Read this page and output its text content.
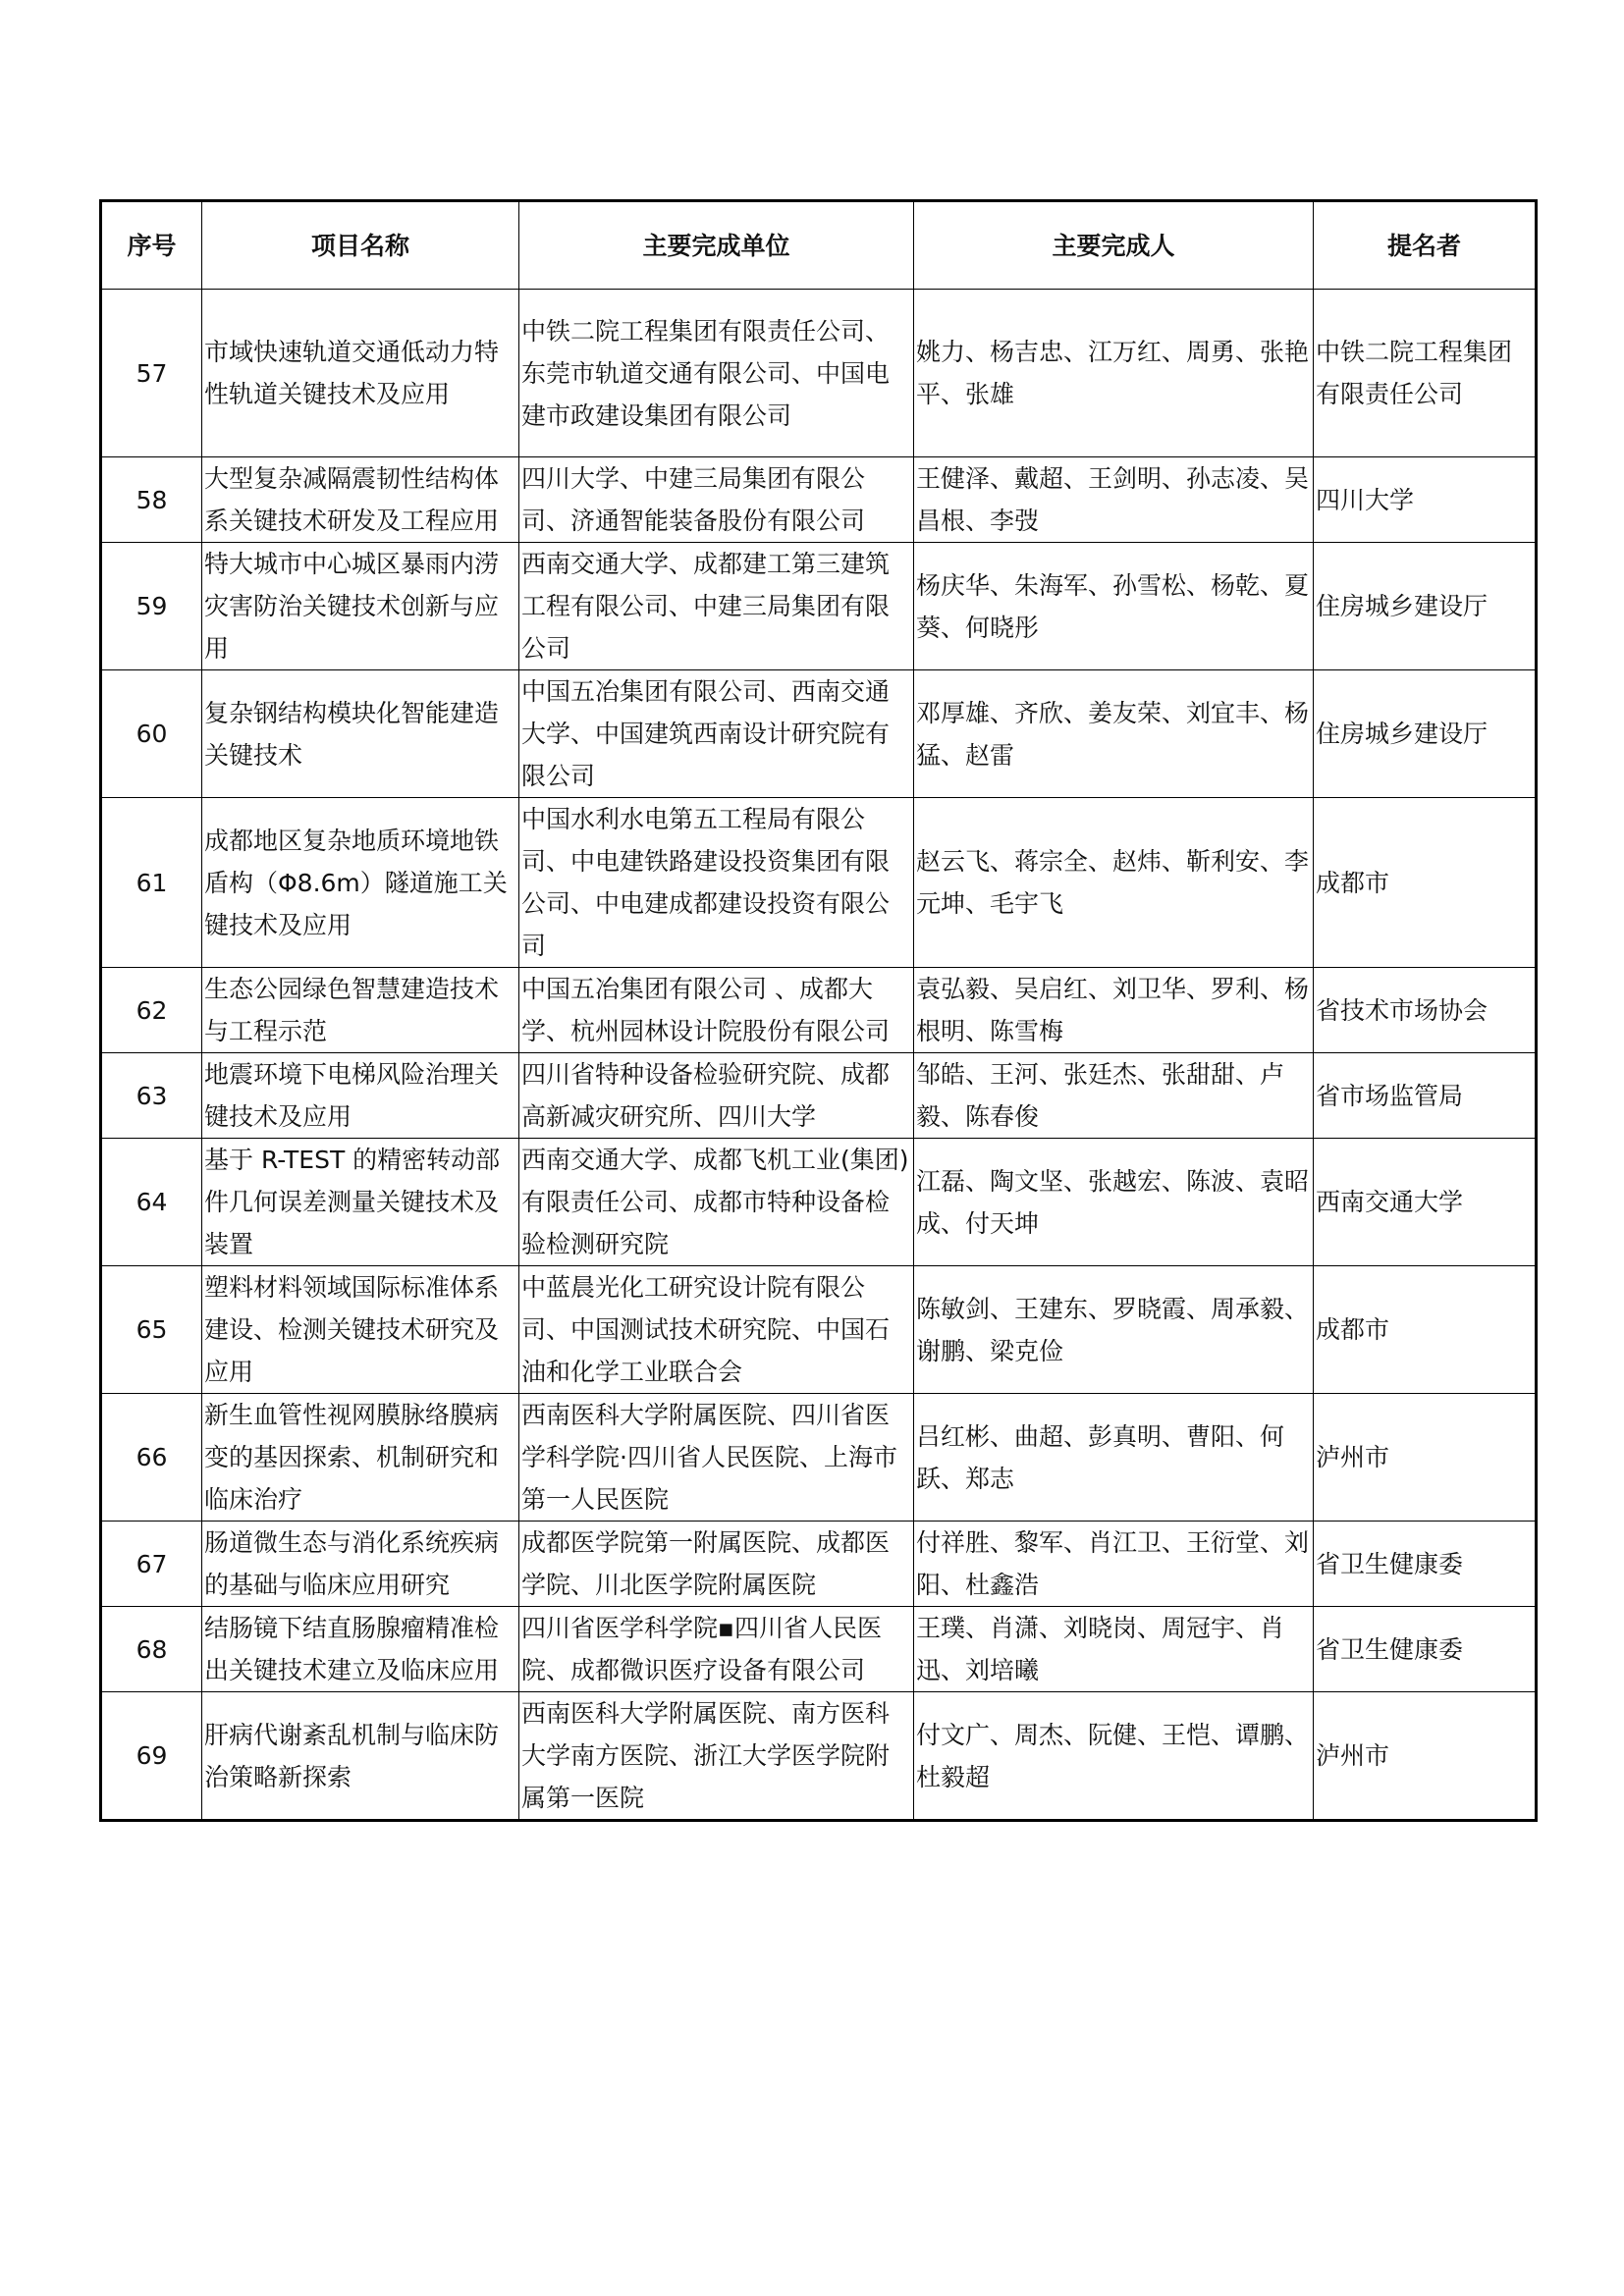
序号	项目名称	主要完成单位	主要完成人	提名者
57	市域快速轨道交通低动力特性轨道关键技术及应用	中铁二院工程集团有限责任公司、东莞市轨道交通有限公司、中国电建市政建设集团有限公司	姚力、杨吉忠、江万红、周勇、张艳平、张雄	中铁二院工程集团有限责任公司
58	大型复杂减隔震韧性结构体系关键技术研发及工程应用	四川大学、中建三局集团有限公司、济通智能装备股份有限公司	王健泽、戴超、王剑明、孙志凌、吴昌根、李弢	四川大学
59	特大城市中心城区暴雨内涝灾害防治关键技术创新与应用	西南交通大学、成都建工第三建筑工程有限公司、中建三局集团有限公司	杨庆华、朱海军、孙雪松、杨乾、夏葵、何晓彤	住房城乡建设厅
60	复杂钢结构模块化智能建造关键技术	中国五冶集团有限公司、西南交通大学、中国建筑西南设计研究院有限公司	邓厚雄、齐欣、姜友荣、刘宜丰、杨猛、赵雷	住房城乡建设厅
61	成都地区复杂地质环境地铁盾构（Φ8.6m）隧道施工关键技术及应用	中国水利水电第五工程局有限公司、中电建铁路建设投资集团有限公司、中电建成都建设投资有限公司	赵云飞、蒋宗全、赵炜、靳利安、李元坤、毛宇飞	成都市
62	生态公园绿色智慧建造技术与工程示范	中国五冶集团有限公司 、成都大学、杭州园林设计院股份有限公司	袁弘毅、吴启红、刘卫华、罗利、杨根明、陈雪梅	省技术市场协会
63	地震环境下电梯风险治理关键技术及应用	四川省特种设备检验研究院、成都高新减灾研究所、四川大学	邹皓、王河、张廷杰、张甜甜、卢毅、陈春俊	省市场监管局
64	基于 R-TEST 的精密转动部件几何误差测量关键技术及装置	西南交通大学、成都飞机工业(集团)有限责任公司、成都市特种设备检验检测研究院	江磊、陶文坚、张越宏、陈波、袁昭成、付天坤	西南交通大学
65	塑料材料领域国际标准体系建设、检测关键技术研究及应用	中蓝晨光化工研究设计院有限公司、中国测试技术研究院、中国石油和化学工业联合会	陈敏剑、王建东、罗晓霞、周承毅、谢鹏、梁克俭	成都市
66	新生血管性视网膜脉络膜病变的基因探索、机制研究和临床治疗	西南医科大学附属医院、四川省医学科学院·四川省人民医院、上海市第一人民医院	吕红彬、曲超、彭真明、曹阳、何跃、郑志	泸州市
67	肠道微生态与消化系统疾病的基础与临床应用研究	成都医学院第一附属医院、成都医学院、川北医学院附属医院	付祥胜、黎军、肖江卫、王衍堂、刘阳、杜鑫浩	省卫生健康委
68	结肠镜下结直肠腺瘤精准检出关键技术建立及临床应用	四川省医学科学院▪四川省人民医院、成都微识医疗设备有限公司	王璞、肖潇、刘晓岗、周冠宇、肖迅、刘培曦	省卫生健康委
69	肝病代谢紊乱机制与临床防治策略新探索	西南医科大学附属医院、南方医科大学南方医院、浙江大学医学院附属第一医院	付文广、周杰、阮健、王恺、谭鹏、杜毅超	泸州市
